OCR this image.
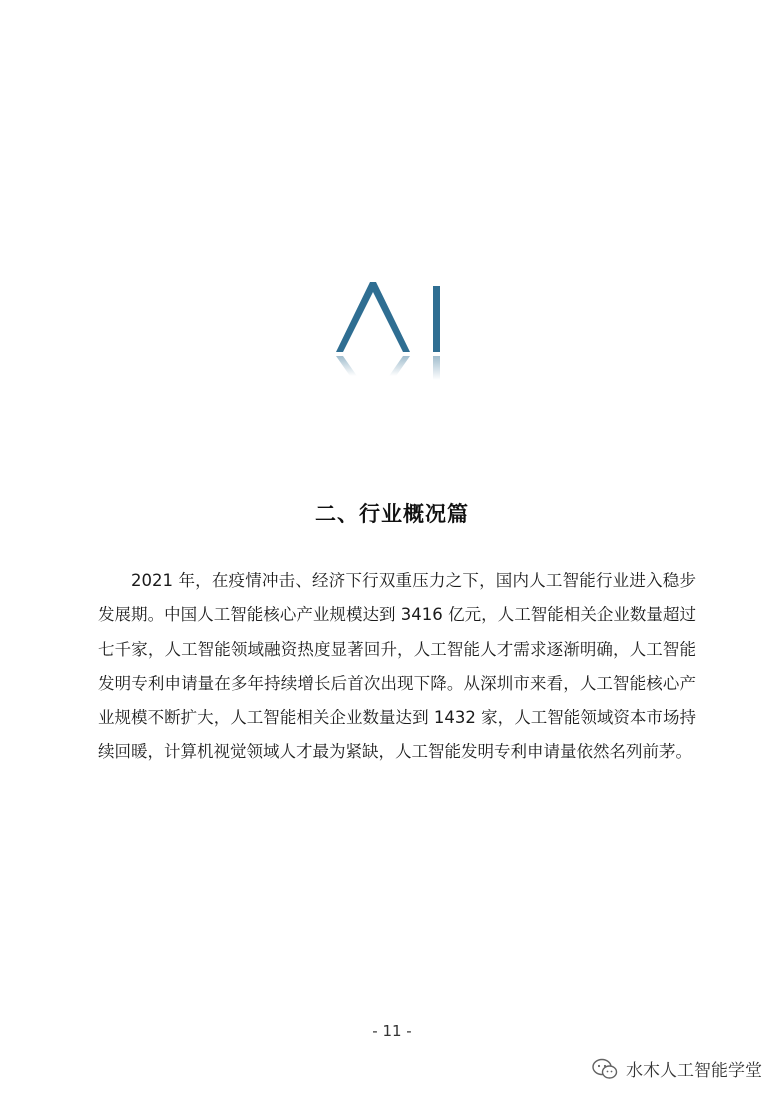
二、行业概况篇

2021 年，在疫情冲击、经济下行双重压力之下，国内人工智能行业进入稳步发展期。中国人工智能核心产业规模达到 3416 亿元，人工智能相关企业数量超过七千家，人工智能领域融资热度显著回升，人工智能人才需求逐渐明确，人工智能发明专利申请量在多年持续增长后首次出现下降。从深圳市来看，人工智能核心产业规模不断扩大，人工智能相关企业数量达到 1432 家，人工智能领域资本市场持续回暖，计算机视觉领域人才最为紧缺，人工智能发明专利申请量依然名列前茅。

- 11 -
水木人工智能学堂
